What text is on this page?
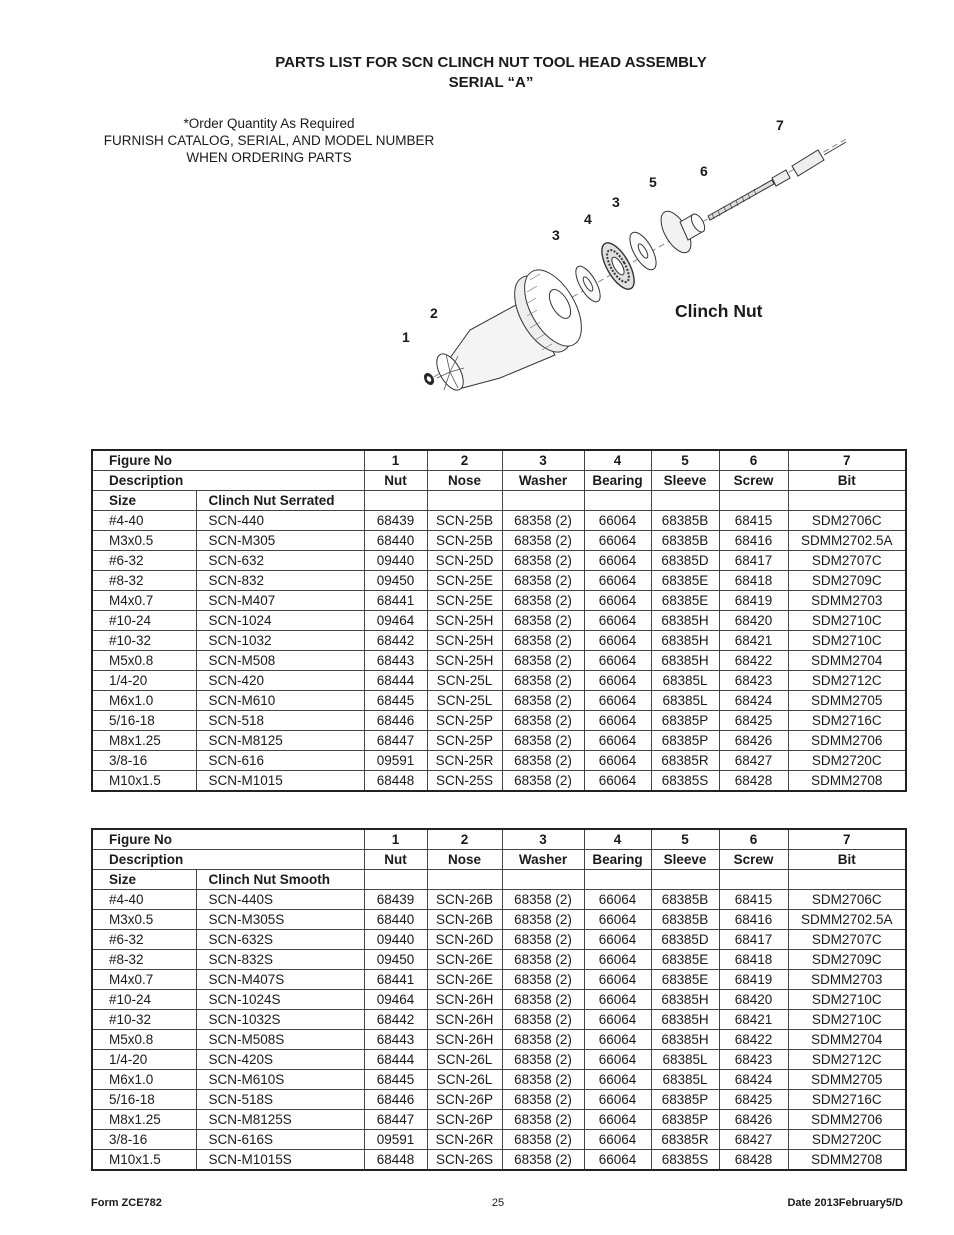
PARTS LIST FOR SCN CLINCH NUT TOOL HEAD ASSEMBLY
SERIAL “A”
*Order Quantity As Required
FURNISH CATALOG, SERIAL, AND MODEL NUMBER
WHEN ORDERING PARTS
1
2
3
4
3
5
6
7
Clinch Nut
Figure No		1	2	3	4	5	6	7
Description		Nut	Nose	Washer	Bearing	Sleeve	Screw	Bit
Size	Clinch Nut Serrated							
#4-40	SCN-440	68439	SCN-25B	68358 (2)	66064	68385B	68415	SDM2706C
M3x0.5	SCN-M305	68440	SCN-25B	68358 (2)	66064	68385B	68416	SDMM2702.5A
#6-32	SCN-632	09440	SCN-25D	68358 (2)	66064	68385D	68417	SDM2707C
#8-32	SCN-832	09450	SCN-25E	68358 (2)	66064	68385E	68418	SDM2709C
M4x0.7	SCN-M407	68441	SCN-25E	68358 (2)	66064	68385E	68419	SDMM2703
#10-24	SCN-1024	09464	SCN-25H	68358 (2)	66064	68385H	68420	SDM2710C
#10-32	SCN-1032	68442	SCN-25H	68358 (2)	66064	68385H	68421	SDM2710C
M5x0.8	SCN-M508	68443	SCN-25H	68358 (2)	66064	68385H	68422	SDMM2704
1/4-20	SCN-420	68444	SCN-25L	68358 (2)	66064	68385L	68423	SDM2712C
M6x1.0	SCN-M610	68445	SCN-25L	68358 (2)	66064	68385L	68424	SDMM2705
5/16-18	SCN-518	68446	SCN-25P	68358 (2)	66064	68385P	68425	SDM2716C
M8x1.25	SCN-M8125	68447	SCN-25P	68358 (2)	66064	68385P	68426	SDMM2706
3/8-16	SCN-616	09591	SCN-25R	68358 (2)	66064	68385R	68427	SDM2720C
M10x1.5	SCN-M1015	68448	SCN-25S	68358 (2)	66064	68385S	68428	SDMM2708
Figure No		1	2	3	4	5	6	7
Description		Nut	Nose	Washer	Bearing	Sleeve	Screw	Bit
Size	Clinch Nut Smooth							
#4-40	SCN-440S	68439	SCN-26B	68358 (2)	66064	68385B	68415	SDM2706C
M3x0.5	SCN-M305S	68440	SCN-26B	68358 (2)	66064	68385B	68416	SDMM2702.5A
#6-32	SCN-632S	09440	SCN-26D	68358 (2)	66064	68385D	68417	SDM2707C
#8-32	SCN-832S	09450	SCN-26E	68358 (2)	66064	68385E	68418	SDM2709C
M4x0.7	SCN-M407S	68441	SCN-26E	68358 (2)	66064	68385E	68419	SDMM2703
#10-24	SCN-1024S	09464	SCN-26H	68358 (2)	66064	68385H	68420	SDM2710C
#10-32	SCN-1032S	68442	SCN-26H	68358 (2)	66064	68385H	68421	SDM2710C
M5x0.8	SCN-M508S	68443	SCN-26H	68358 (2)	66064	68385H	68422	SDMM2704
1/4-20	SCN-420S	68444	SCN-26L	68358 (2)	66064	68385L	68423	SDM2712C
M6x1.0	SCN-M610S	68445	SCN-26L	68358 (2)	66064	68385L	68424	SDMM2705
5/16-18	SCN-518S	68446	SCN-26P	68358 (2)	66064	68385P	68425	SDM2716C
M8x1.25	SCN-M8125S	68447	SCN-26P	68358 (2)	66064	68385P	68426	SDMM2706
3/8-16	SCN-616S	09591	SCN-26R	68358 (2)	66064	68385R	68427	SDM2720C
M10x1.5	SCN-M1015S	68448	SCN-26S	68358 (2)	66064	68385S	68428	SDMM2708
Form ZCE782	25	Date 2013February5/D
